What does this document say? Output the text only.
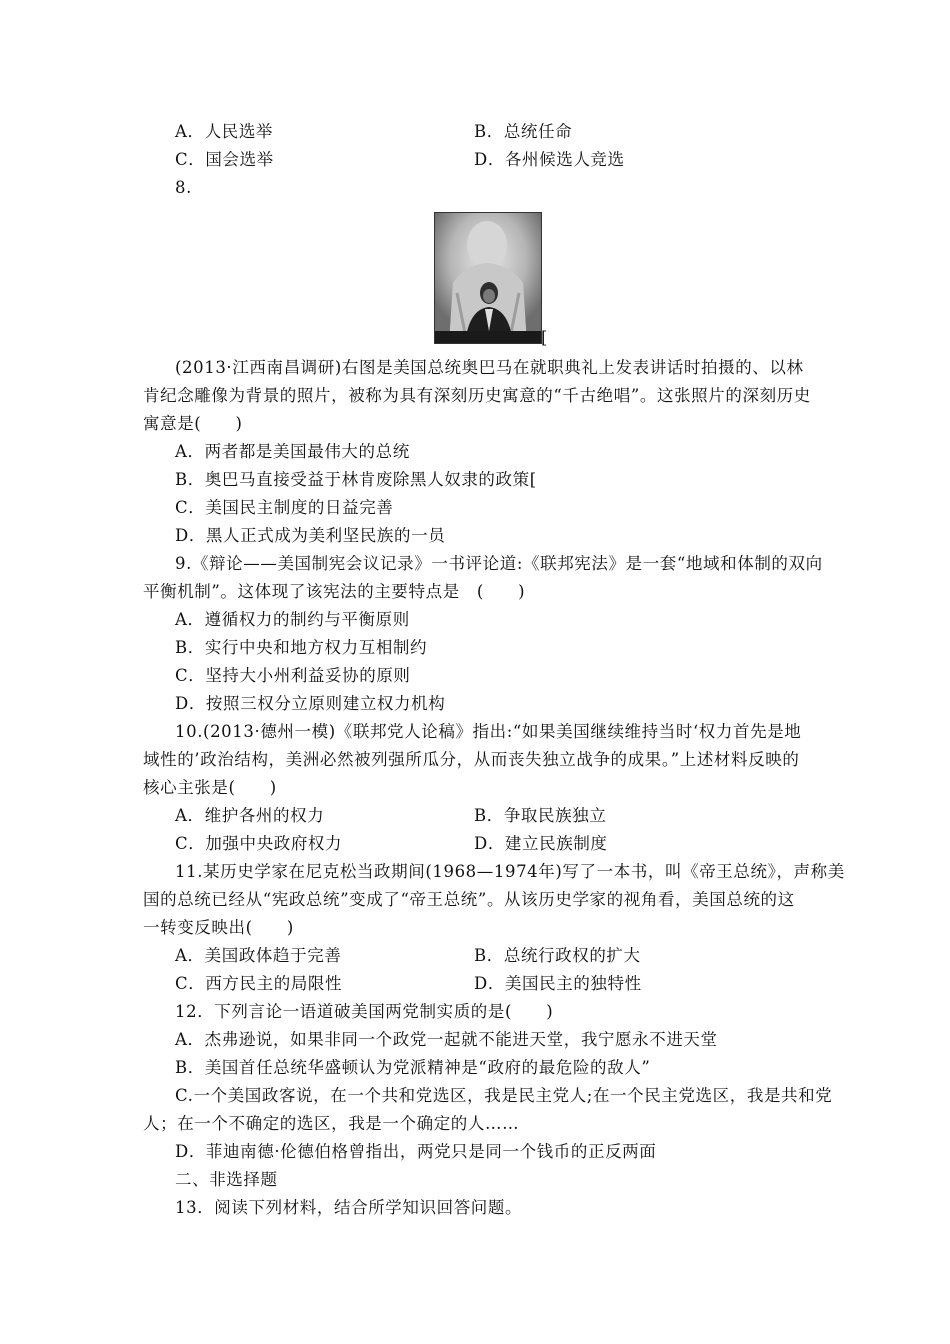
A．人民选举	B．总统任命
C．国会选举	D．各州候选人竞选
8.
[
(2013·江西南昌调研)右图是美国总统奥巴马在就职典礼上发表讲话时拍摄的、以林
肯纪念雕像为背景的照片，被称为具有深刻历史寓意的“千古绝唱”。这张照片的深刻历史
寓意是(　　)
A．两者都是美国最伟大的总统
B．奥巴马直接受益于林肯废除黑人奴隶的政策[
C．美国民主制度的日益完善
D．黑人正式成为美利坚民族的一员
9.《辩论——美国制宪会议记录》一书评论道:《联邦宪法》是一套“地域和体制的双向
平衡机制”。这体现了该宪法的主要特点是　(　　)
A．遵循权力的制约与平衡原则
B．实行中央和地方权力互相制约
C．坚持大小州利益妥协的原则
D．按照三权分立原则建立权力机构
10.(2013·德州一模)《联邦党人论稿》指出:“如果美国继续维持当时‘权力首先是地
域性的’政治结构，美洲必然被列强所瓜分，从而丧失独立战争的成果。”上述材料反映的
核心主张是(　　)
A．维护各州的权力	B．争取民族独立
C．加强中央政府权力	D．建立民族制度
11.某历史学家在尼克松当政期间(1968—1974年)写了一本书，叫《帝王总统》，声称美
国的总统已经从“宪政总统”变成了“帝王总统”。从该历史学家的视角看，美国总统的这
一转变反映出(　　)
A．美国政体趋于完善	B．总统行政权的扩大
C．西方民主的局限性	D．美国民主的独特性
12．下列言论一语道破美国两党制实质的是(　　)
A．杰弗逊说，如果非同一个政党一起就不能进天堂，我宁愿永不进天堂
B．美国首任总统华盛顿认为党派精神是“政府的最危险的敌人”
C.一个美国政客说，在一个共和党选区，我是民主党人;在一个民主党选区，我是共和党
人；在一个不确定的选区，我是一个确定的人……
D．菲迪南德·伦德伯格曾指出，两党只是同一个钱币的正反两面
二、非选择题
13．阅读下列材料，结合所学知识回答问题。
